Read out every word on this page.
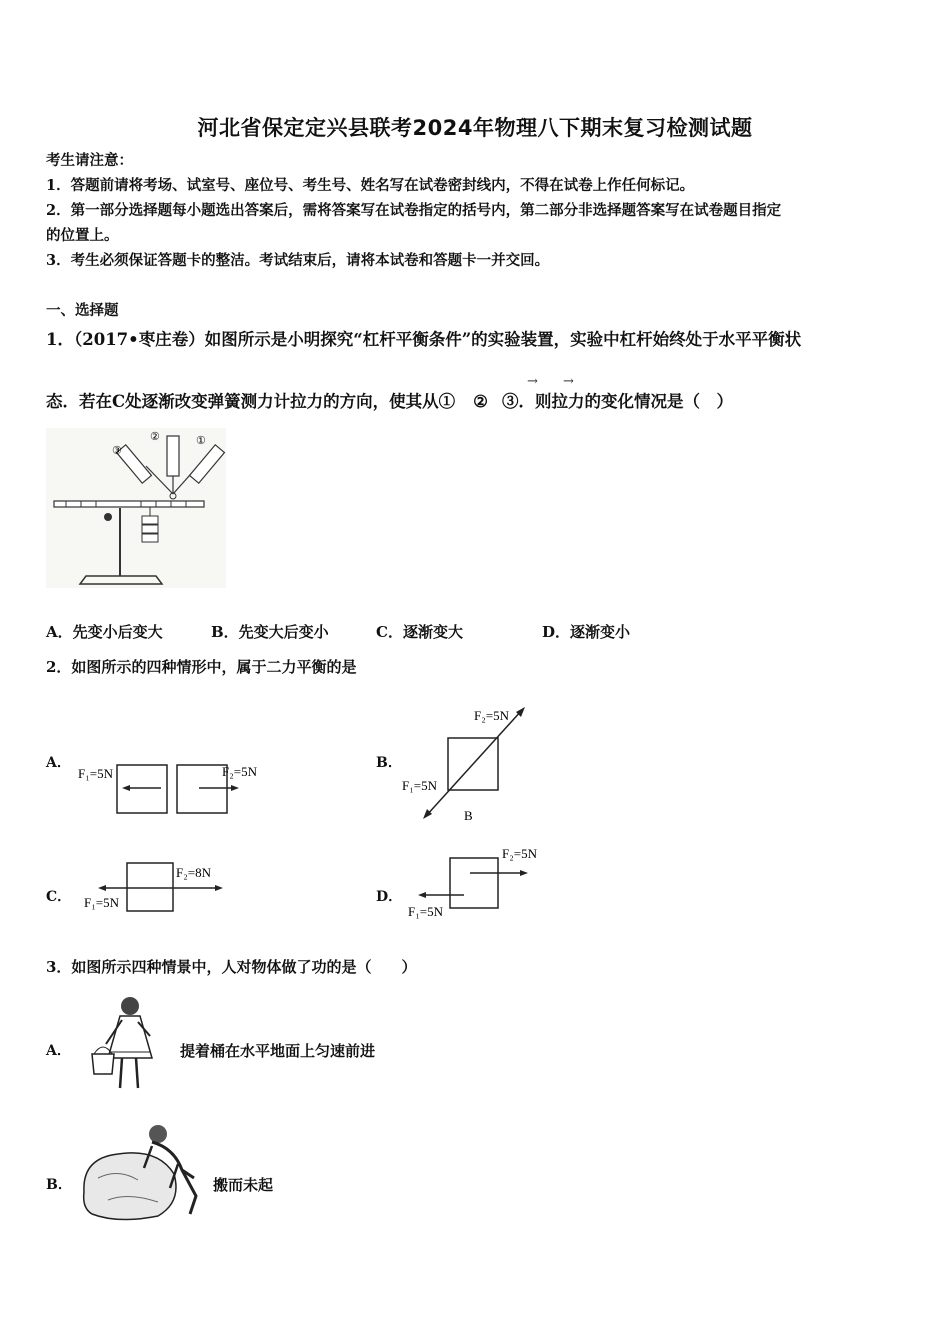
河北省保定定兴县联考2024年物理八下期末复习检测试题
考生请注意：
1．答题前请将考场、试室号、座位号、考生号、姓名写在试卷密封线内，不得在试卷上作任何标记。
2．第一部分选择题每小题选出答案后，需将答案写在试卷指定的括号内，第二部分非选择题答案写在试卷题目指定
的位置上。
3．考生必须保证答题卡的整洁。考试结束后，请将本试卷和答题卡一并交回。
一、选择题
1．（2017•枣庄卷）如图所示是小明探究“杠杆平衡条件”的实验装置，实验中杠杆始终处于水平平衡状
态．若在C处逐渐改变弹簧测力计拉力的方向，使其从① ② ③．则拉力的变化情况是（　）
→ →
③
②	①
A．先变小后变大	B．先变大后变小	C．逐渐变大	D．逐渐变小
2．如图所示的四种情形中，属于二力平衡的是
A．
F₁=5N	F₂=5N
B．
F₂=5N
F₁=5N
B
C．
F₂=8N
F₁=5N	D．
F₂=5N
F₁=5N
3．如图所示四种情景中，人对物体做了功的是（　　）
A．	提着桶在水平地面上匀速前进
B．	搬而未起
